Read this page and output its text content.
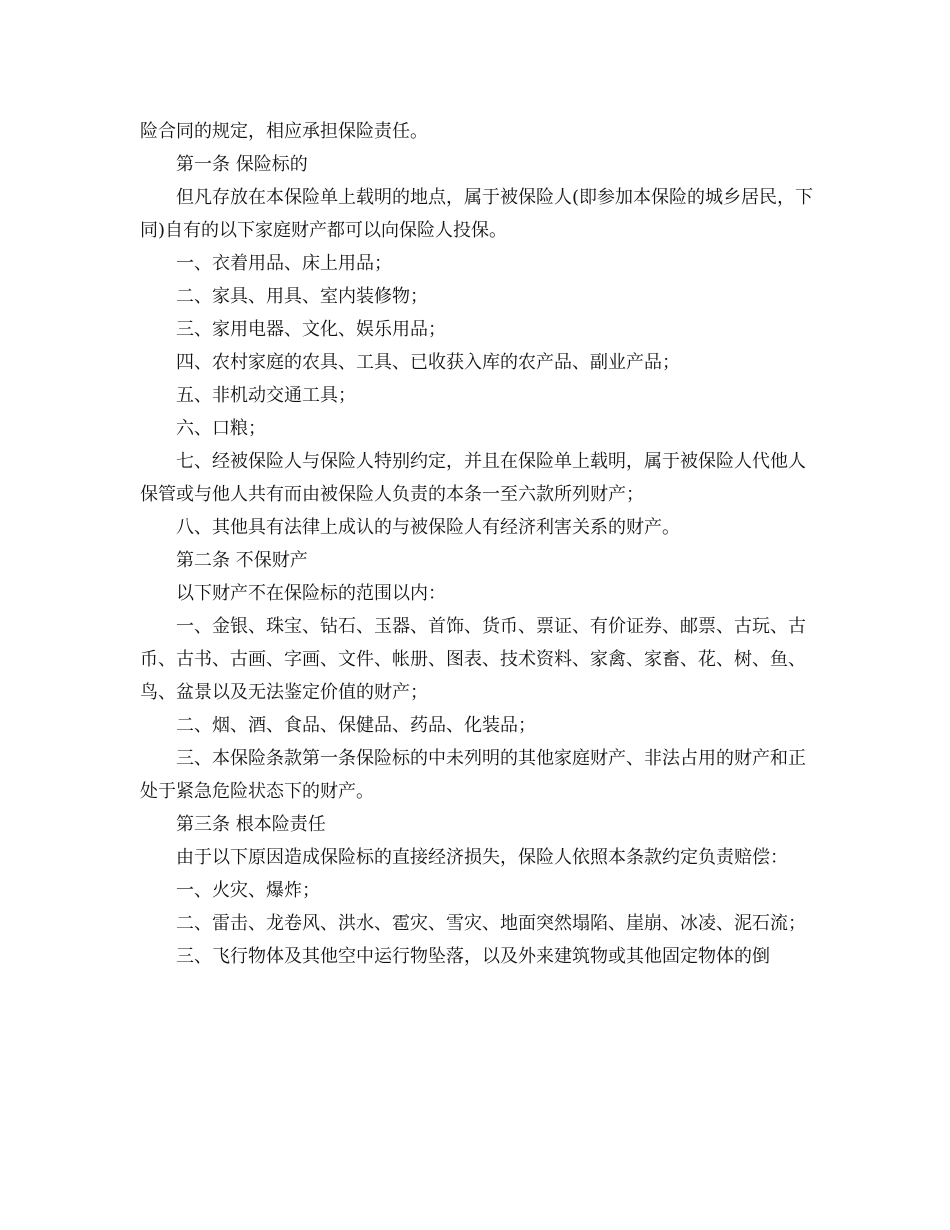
险合同的规定，相应承担保险责任。

第一条 保险标的

但凡存放在本保险单上载明的地点，属于被保险人(即参加本保险的城乡居民，下同)自有的以下家庭财产都可以向保险人投保。

一、衣着用品、床上用品；

二、家具、用具、室内装修物；

三、家用电器、文化、娱乐用品；

四、农村家庭的农具、工具、已收获入库的农产品、副业产品；

五、非机动交通工具；

六、口粮；

七、经被保险人与保险人特别约定，并且在保险单上载明，属于被保险人代他人保管或与他人共有而由被保险人负责的本条一至六款所列财产；

八、其他具有法律上成认的与被保险人有经济利害关系的财产。

第二条 不保财产

以下财产不在保险标的范围以内：

一、金银、珠宝、钻石、玉器、首饰、货币、票证、有价证券、邮票、古玩、古币、古书、古画、字画、文件、帐册、图表、技术资料、家禽、家畜、花、树、鱼、鸟、盆景以及无法鉴定价值的财产；

二、烟、酒、食品、保健品、药品、化装品；

三、本保险条款第一条保险标的中未列明的其他家庭财产、非法占用的财产和正处于紧急危险状态下的财产。

第三条 根本险责任

由于以下原因造成保险标的直接经济损失，保险人依照本条款约定负责赔偿：

一、火灾、爆炸；

二、雷击、龙卷风、洪水、雹灾、雪灾、地面突然塌陷、崖崩、冰凌、泥石流；

三、飞行物体及其他空中运行物坠落，以及外来建筑物或其他固定物体的倒
